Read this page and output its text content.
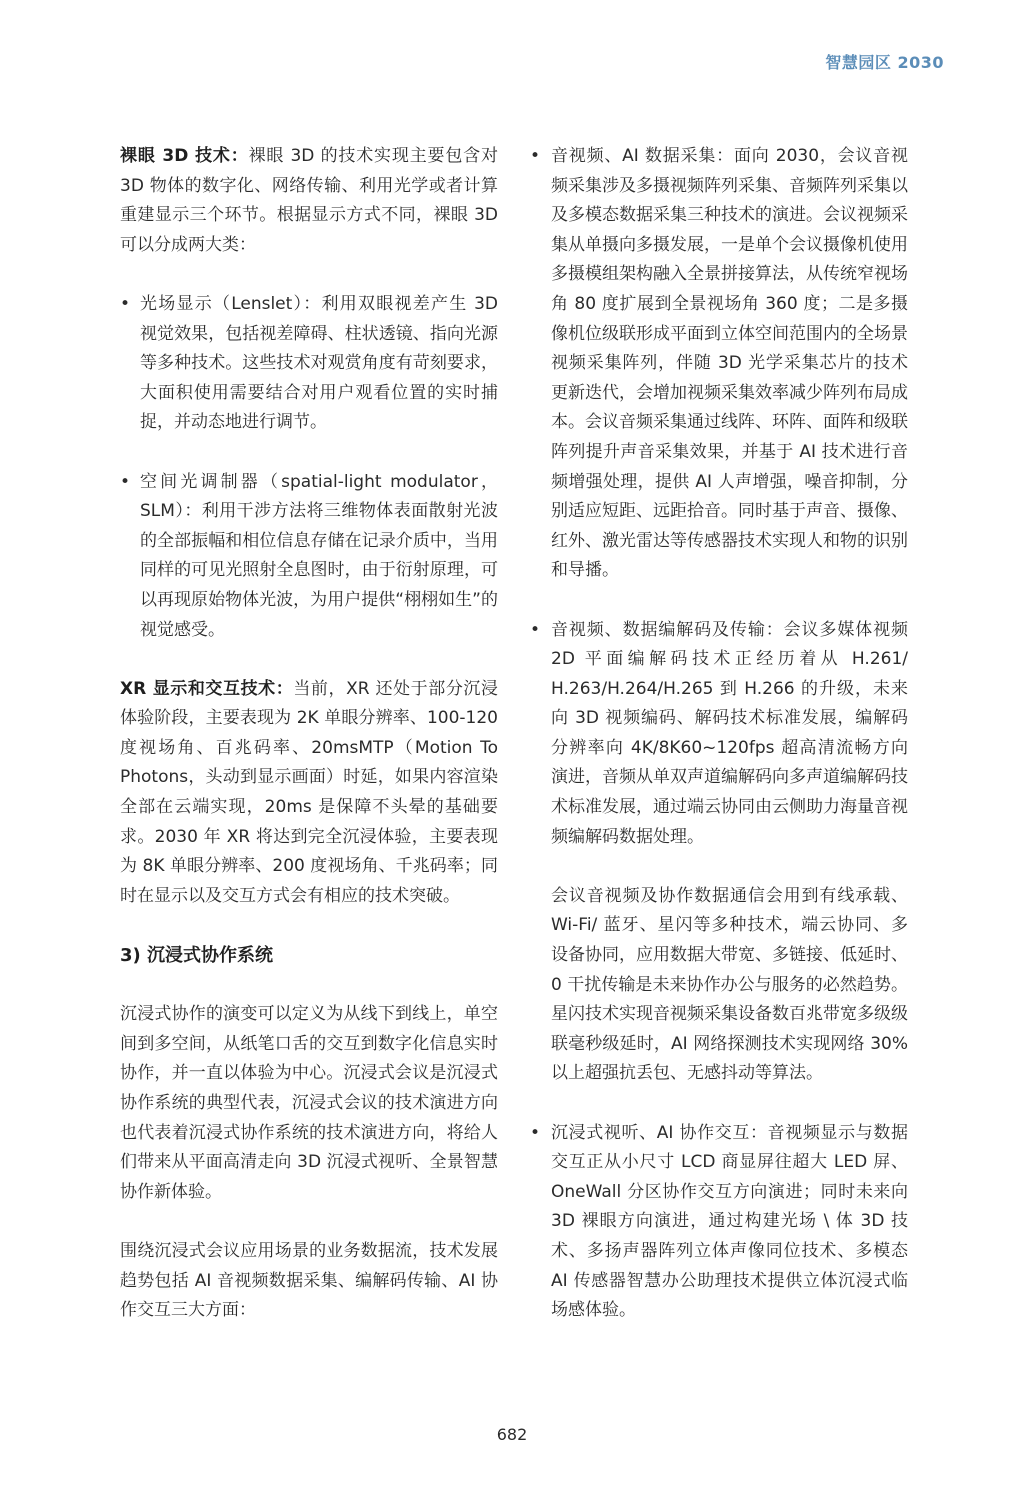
智慧园区 2030

裸眼 3D 技术：裸眼 3D 的技术实现主要包含对 3D 物体的数字化、网络传输、利用光学或者计算重建显示三个环节。根据显示方式不同，裸眼 3D 可以分成两大类：

• 光场显示（Lenslet）：利用双眼视差产生 3D 视觉效果，包括视差障碍、柱状透镜、指向光源等多种技术。这些技术对观赏角度有苛刻要求，大面积使用需要结合对用户观看位置的实时捕捉，并动态地进行调节。
• 空间光调制器（spatial-light modulator，SLM）：利用干涉方法将三维物体表面散射光波的全部振幅和相位信息存储在记录介质中，当用同样的可见光照射全息图时，由于衍射原理，可以再现原始物体光波，为用户提供“栩栩如生”的视觉感受。

XR 显示和交互技术：当前，XR 还处于部分沉浸体验阶段，主要表现为 2K 单眼分辨率、100-120 度视场角、百兆码率、20msMTP（Motion To Photons，头动到显示画面）时延，如果内容渲染全部在云端实现，20ms 是保障不头晕的基础要求。2030 年 XR 将达到完全沉浸体验，主要表现为 8K 单眼分辨率、200 度视场角、千兆码率；同时在显示以及交互方式会有相应的技术突破。

3) 沉浸式协作系统

沉浸式协作的演变可以定义为从线下到线上，单空间到多空间，从纸笔口舌的交互到数字化信息实时协作，并一直以体验为中心。沉浸式会议是沉浸式协作系统的典型代表，沉浸式会议的技术演进方向也代表着沉浸式协作系统的技术演进方向，将给人们带来从平面高清走向 3D 沉浸式视听、全景智慧协作新体验。

围绕沉浸式会议应用场景的业务数据流，技术发展趋势包括 AI 音视频数据采集、编解码传输、AI 协作交互三大方面：

• 音视频、AI 数据采集：面向 2030，会议音视频采集涉及多摄视频阵列采集、音频阵列采集以及多模态数据采集三种技术的演进。会议视频采集从单摄向多摄发展，一是单个会议摄像机使用多摄模组架构融入全景拼接算法，从传统窄视场角 80 度扩展到全景视场角 360 度；二是多摄像机位级联形成平面到立体空间范围内的全场景视频采集阵列，伴随 3D 光学采集芯片的技术更新迭代，会增加视频采集效率减少阵列布局成本。会议音频采集通过线阵、环阵、面阵和级联阵列提升声音采集效果，并基于 AI 技术进行音频增强处理，提供 AI 人声增强，噪音抑制，分别适应短距、远距拾音。同时基于声音、摄像、红外、激光雷达等传感器技术实现人和物的识别和导播。
• 音视频、数据编解码及传输：会议多媒体视频 2D 平面编解码技术正经历着从 H.261/ H.263/H.264/H.265 到 H.266 的升级，未来向 3D 视频编码、解码技术标准发展，编解码分辨率向 4K/8K60~120fps 超高清流畅方向演进，音频从单双声道编解码向多声道编解码技术标准发展，通过端云协同由云侧助力海量音视频编解码数据处理。

会议音视频及协作数据通信会用到有线承载、Wi-Fi/ 蓝牙、星闪等多种技术，端云协同、多设备协同，应用数据大带宽、多链接、低延时、0 干扰传输是未来协作办公与服务的必然趋势。星闪技术实现音视频采集设备数百兆带宽多级级联毫秒级延时，AI 网络探测技术实现网络 30% 以上超强抗丢包、无感抖动等算法。

• 沉浸式视听、AI 协作交互：音视频显示与数据交互正从小尺寸 LCD 商显屏往超大 LED 屏、OneWall 分区协作交互方向演进；同时未来向 3D 裸眼方向演进，通过构建光场 \ 体 3D 技术、多扬声器阵列立体声像同位技术、多模态 AI 传感器智慧办公助理技术提供立体沉浸式临场感体验。
682
